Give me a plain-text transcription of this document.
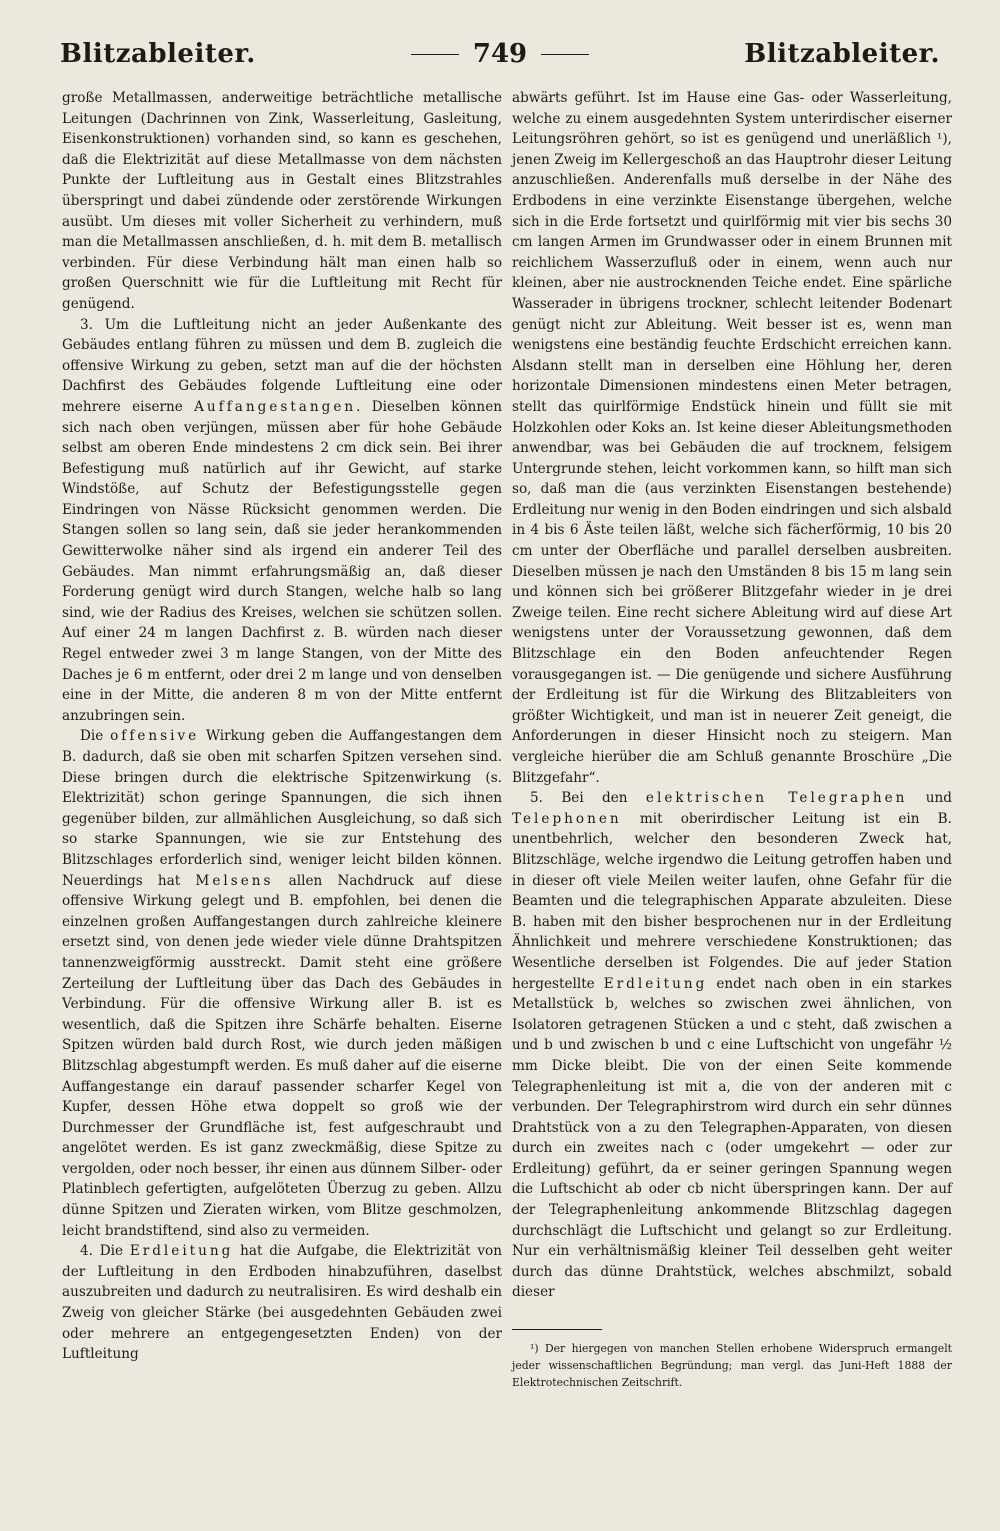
Blitzableiter.	749	Blitzableiter.

große Metallmassen, anderweitige beträchtliche metallische Leitungen (Dachrinnen von Zink, Wasserleitung, Gasleitung, Eisenkonstruktionen) vorhanden sind, so kann es geschehen, daß die Elektrizität auf diese Metallmasse von dem nächsten Punkte der Luftleitung aus in Gestalt eines Blitzstrahles überspringt und dabei zündende oder zerstörende Wirkungen ausübt. Um dieses mit voller Sicherheit zu verhindern, muß man die Metallmassen anschließen, d. h. mit dem B. metallisch verbinden. Für diese Verbindung hält man einen halb so großen Querschnitt wie für die Luftleitung mit Recht für genügend.

3. Um die Luftleitung nicht an jeder Außenkante des Gebäudes entlang führen zu müssen und dem B. zugleich die offensive Wirkung zu geben, setzt man auf die der höchsten Dachfirst des Gebäudes folgende Luftleitung eine oder mehrere eiserne Auffangestangen. Dieselben können sich nach oben verjüngen, müssen aber für hohe Gebäude selbst am oberen Ende mindestens 2 cm dick sein. Bei ihrer Befestigung muß natürlich auf ihr Gewicht, auf starke Windstöße, auf Schutz der Befestigungsstelle gegen Eindringen von Nässe Rücksicht genommen werden. Die Stangen sollen so lang sein, daß sie jeder herankommenden Gewitterwolke näher sind als irgend ein anderer Teil des Gebäudes. Man nimmt erfahrungsmäßig an, daß dieser Forderung genügt wird durch Stangen, welche halb so lang sind, wie der Radius des Kreises, welchen sie schützen sollen. Auf einer 24 m langen Dachfirst z. B. würden nach dieser Regel entweder zwei 3 m lange Stangen, von der Mitte des Daches je 6 m entfernt, oder drei 2 m lange und von denselben eine in der Mitte, die anderen 8 m von der Mitte entfernt anzubringen sein.

Die offensive Wirkung geben die Auffangestangen dem B. dadurch, daß sie oben mit scharfen Spitzen versehen sind. Diese bringen durch die elektrische Spitzenwirkung (s. Elektrizität) schon geringe Spannungen, die sich ihnen gegenüber bilden, zur allmählichen Ausgleichung, so daß sich so starke Spannungen, wie sie zur Entstehung des Blitzschlages erforderlich sind, weniger leicht bilden können. Neuerdings hat Melsens allen Nachdruck auf diese offensive Wirkung gelegt und B. empfohlen, bei denen die einzelnen großen Auffangestangen durch zahlreiche kleinere ersetzt sind, von denen jede wieder viele dünne Drahtspitzen tannenzweigförmig ausstreckt. Damit steht eine größere Zerteilung der Luftleitung über das Dach des Gebäudes in Verbindung. Für die offensive Wirkung aller B. ist es wesentlich, daß die Spitzen ihre Schärfe behalten. Eiserne Spitzen würden bald durch Rost, wie durch jeden mäßigen Blitzschlag abgestumpft werden. Es muß daher auf die eiserne Auffangestange ein darauf passender scharfer Kegel von Kupfer, dessen Höhe etwa doppelt so groß wie der Durchmesser der Grundfläche ist, fest aufgeschraubt und angelötet werden. Es ist ganz zweckmäßig, diese Spitze zu vergolden, oder noch besser, ihr einen aus dünnem Silber- oder Platinblech gefertigten, aufgelöteten Überzug zu geben. Allzu dünne Spitzen und Zieraten wirken, vom Blitze geschmolzen, leicht brandstiftend, sind also zu vermeiden.

4. Die Erdleitung hat die Aufgabe, die Elektrizität von der Luftleitung in den Erdboden hinabzuführen, daselbst auszubreiten und dadurch zu neutralisiren. Es wird deshalb ein Zweig von gleicher Stärke (bei ausgedehnten Gebäuden zwei oder mehrere an entgegengesetzten Enden) von der Luftleitung

abwärts geführt. Ist im Hause eine Gas- oder Wasserleitung, welche zu einem ausgedehnten System unterirdischer eiserner Leitungsröhren gehört, so ist es genügend und unerläßlich ¹), jenen Zweig im Kellergeschoß an das Hauptrohr dieser Leitung anzuschließen. Anderenfalls muß derselbe in der Nähe des Erdbodens in eine verzinkte Eisenstange übergehen, welche sich in die Erde fortsetzt und quirlförmig mit vier bis sechs 30 cm langen Armen im Grundwasser oder in einem Brunnen mit reichlichem Wasserzufluß oder in einem, wenn auch nur kleinen, aber nie austrocknenden Teiche endet. Eine spärliche Wasserader in übrigens trockner, schlecht leitender Bodenart genügt nicht zur Ableitung. Weit besser ist es, wenn man wenigstens eine beständig feuchte Erdschicht erreichen kann. Alsdann stellt man in derselben eine Höhlung her, deren horizontale Dimensionen mindestens einen Meter betragen, stellt das quirlförmige Endstück hinein und füllt sie mit Holzkohlen oder Koks an. Ist keine dieser Ableitungsmethoden anwendbar, was bei Gebäuden die auf trocknem, felsigem Untergrunde stehen, leicht vorkommen kann, so hilft man sich so, daß man die (aus verzinkten Eisenstangen bestehende) Erdleitung nur wenig in den Boden eindringen und sich alsbald in 4 bis 6 Äste teilen läßt, welche sich fächerförmig, 10 bis 20 cm unter der Oberfläche und parallel derselben ausbreiten. Dieselben müssen je nach den Umständen 8 bis 15 m lang sein und können sich bei größerer Blitzgefahr wieder in je drei Zweige teilen. Eine recht sichere Ableitung wird auf diese Art wenigstens unter der Voraussetzung gewonnen, daß dem Blitzschlage ein den Boden anfeuchtender Regen vorausgegangen ist. — Die genügende und sichere Ausführung der Erdleitung ist für die Wirkung des Blitzableiters von größter Wichtigkeit, und man ist in neuerer Zeit geneigt, die Anforderungen in dieser Hinsicht noch zu steigern. Man vergleiche hierüber die am Schluß genannte Broschüre „Die Blitzgefahr“.

5. Bei den elektrischen Telegraphen und Telephonen mit oberirdischer Leitung ist ein B. unentbehrlich, welcher den besonderen Zweck hat, Blitzschläge, welche irgendwo die Leitung getroffen haben und in dieser oft viele Meilen weiter laufen, ohne Gefahr für die Beamten und die telegraphischen Apparate abzuleiten. Diese B. haben mit den bisher besprochenen nur in der Erdleitung Ähnlichkeit und mehrere verschiedene Konstruktionen; das Wesentliche derselben ist Folgendes. Die auf jeder Station hergestellte Erdleitung endet nach oben in ein starkes Metallstück b, welches so zwischen zwei ähnlichen, von Isolatoren getragenen Stücken a und c steht, daß zwischen a und b und zwischen b und c eine Luftschicht von ungefähr ½ mm Dicke bleibt. Die von der einen Seite kommende Telegraphenleitung ist mit a, die von der anderen mit c verbunden. Der Telegraphirstrom wird durch ein sehr dünnes Drahtstück von a zu den Telegraphen-Apparaten, von diesen durch ein zweites nach c (oder umgekehrt — oder zur Erdleitung) geführt, da er seiner geringen Spannung wegen die Luftschicht ab oder cb nicht überspringen kann. Der auf der Telegraphenleitung ankommende Blitzschlag dagegen durchschlägt die Luftschicht und gelangt so zur Erdleitung. Nur ein verhältnismäßig kleiner Teil desselben geht weiter durch das dünne Drahtstück, welches abschmilzt, sobald dieser

¹) Der hiergegen von manchen Stellen erhobene Widerspruch ermangelt jeder wissenschaftlichen Begründung; man vergl. das Juni-Heft 1888 der Elektrotechnischen Zeitschrift.
